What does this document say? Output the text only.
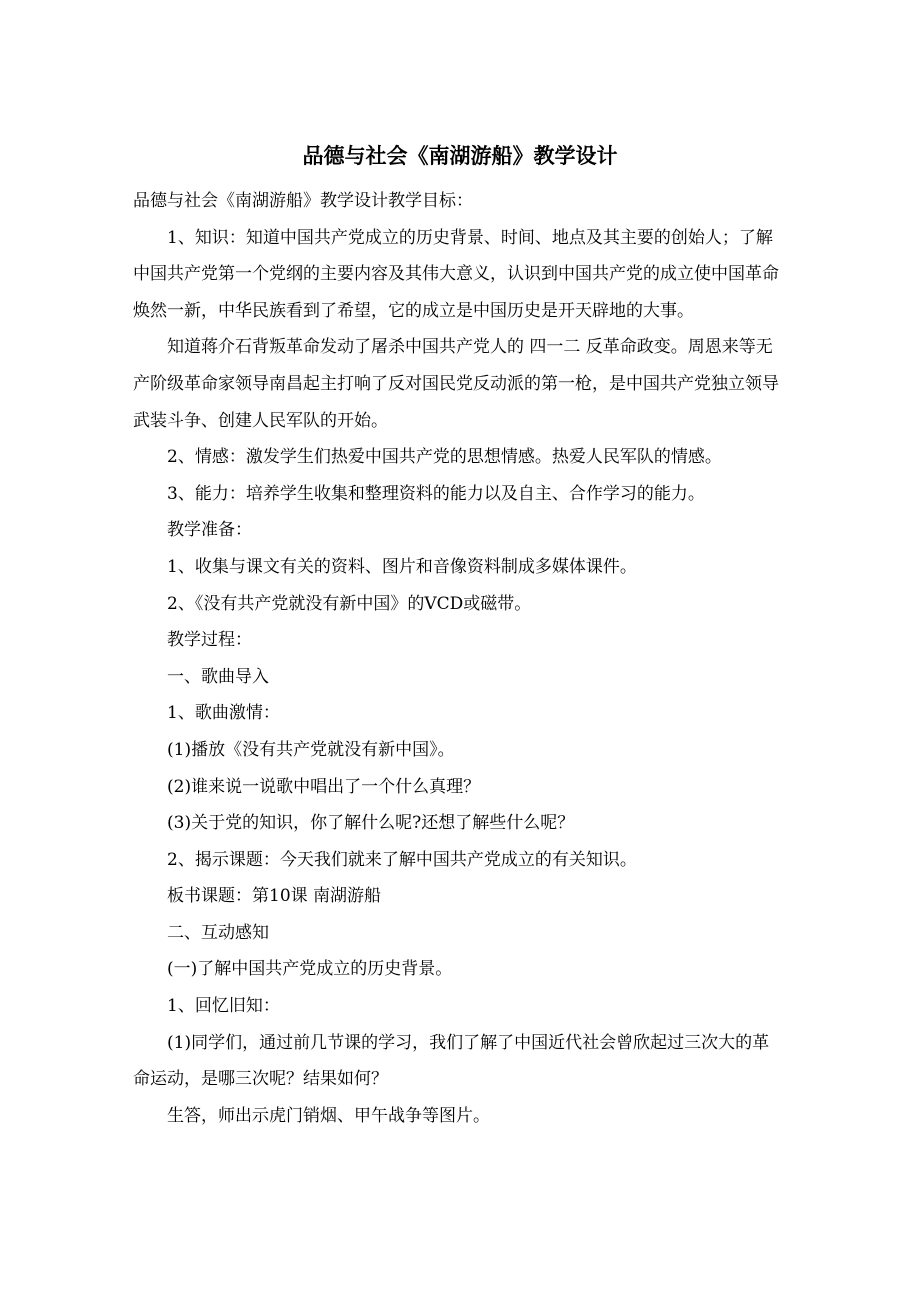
品德与社会《南湖游船》教学设计

品德与社会《南湖游船》教学设计教学目标：

1、知识：知道中国共产党成立的历史背景、时间、地点及其主要的创始人；了解中国共产党第一个党纲的主要内容及其伟大意义，认识到中国共产党的成立使中国革命焕然一新，中华民族看到了希望，它的成立是中国历史是开天辟地的大事。

知道蒋介石背叛革命发动了屠杀中国共产党人的 四一二 反革命政变。周恩来等无产阶级革命家领导南昌起主打响了反对国民党反动派的第一枪，是中国共产党独立领导武装斗争、创建人民军队的开始。

2、情感：激发学生们热爱中国共产党的思想情感。热爱人民军队的情感。

3、能力：培养学生收集和整理资料的能力以及自主、合作学习的能力。

教学准备：

1、收集与课文有关的资料、图片和音像资料制成多媒体课件。

2、《没有共产党就没有新中国》的VCD或磁带。

教学过程：

一、歌曲导入

1、歌曲激情：

(1)播放《没有共产党就没有新中国》。

(2)谁来说一说歌中唱出了一个什么真理？

(3)关于党的知识，你了解什么呢?还想了解些什么呢？

2、揭示课题：今天我们就来了解中国共产党成立的有关知识。

板书课题：第10课 南湖游船

二、互动感知

(一)了解中国共产党成立的历史背景。

1、回忆旧知：

(1)同学们，通过前几节课的学习，我们了解了中国近代社会曾欣起过三次大的革命运动，是哪三次呢？结果如何？

生答，师出示虎门销烟、甲午战争等图片。
